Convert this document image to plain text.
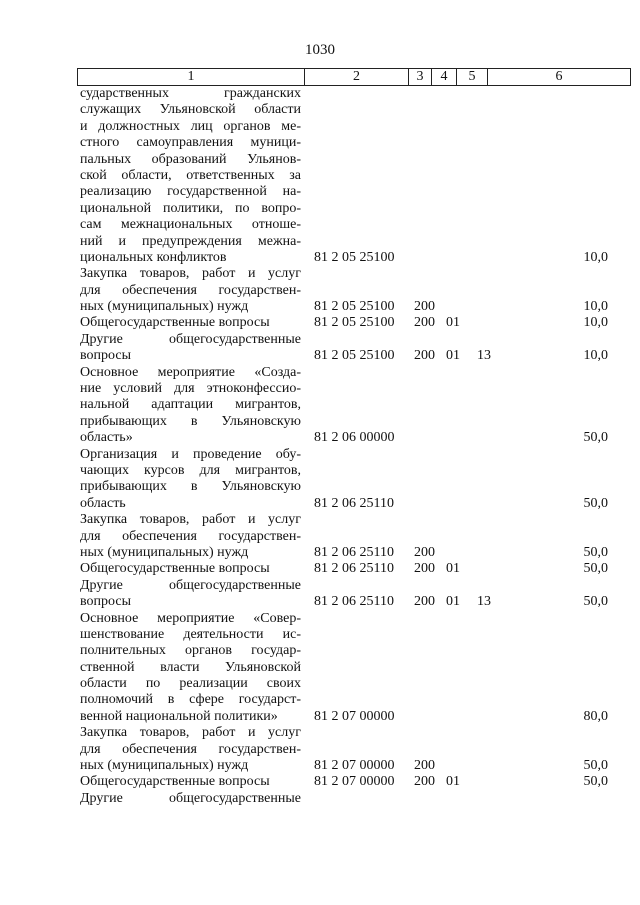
1030
1	2	3	4	5	6
сударственных гражданских
служащих Ульяновской области
и должностных лиц органов ме-
стного самоуправления муници-
пальных образований Ульянов-
ской области, ответственных за
реализацию государственной на-
циональной политики, по вопро-
сам межнациональных отноше-
ний и предупреждения межна-
циональных конфликтов	81 2 05 25100	10,0
Закупка товаров, работ и услуг
для обеспечения государствен-
ных (муниципальных) нужд	81 2 05 25100 200	10,0
Общегосударственные вопросы	81 2 05 25100 200 01	10,0
Другие общегосударственные
вопросы	81 2 05 25100 200 01 13	10,0
Основное мероприятие «Созда-
ние условий для этноконфессио-
нальной адаптации мигрантов,
прибывающих в Ульяновскую
область»	81 2 06 00000	50,0
Организация и проведение обу-
чающих курсов для мигрантов,
прибывающих в Ульяновскую
область	81 2 06 25110	50,0
Закупка товаров, работ и услуг
для обеспечения государствен-
ных (муниципальных) нужд	81 2 06 25110 200	50,0
Общегосударственные вопросы	81 2 06 25110 200 01	50,0
Другие общегосударственные
вопросы	81 2 06 25110 200 01 13	50,0
Основное мероприятие «Совер-
шенствование деятельности ис-
полнительных органов государ-
ственной власти Ульяновской
области по реализации своих
полномочий в сфере государст-
венной национальной политики»	81 2 07 00000	80,0
Закупка товаров, работ и услуг
для обеспечения государствен-
ных (муниципальных) нужд	81 2 07 00000 200	50,0
Общегосударственные вопросы	81 2 07 00000 200 01	50,0
Другие общегосударственные
